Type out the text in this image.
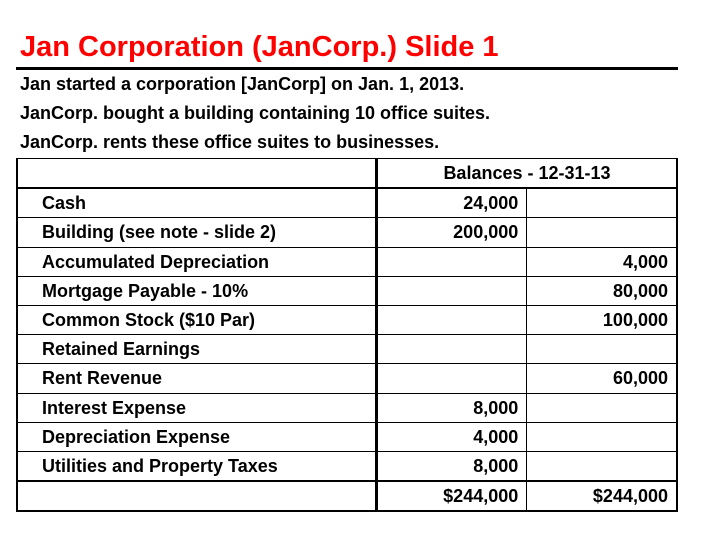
Jan Corporation (JanCorp.) Slide 1
Jan started a corporation [JanCorp] on Jan. 1, 2013.
JanCorp. bought a building containing 10 office suites.
JanCorp. rents these office suites to businesses.
	Balances - 12-31-13	
Cash	24,000	
Building (see note - slide 2)	200,000	
Accumulated Depreciation		4,000
Mortgage Payable - 10%		80,000
Common Stock ($10 Par)		100,000
Retained Earnings		
Rent Revenue		60,000
Interest Expense	8,000	
Depreciation Expense	4,000	
Utilities and Property Taxes	8,000	
	$244,000	$244,000
